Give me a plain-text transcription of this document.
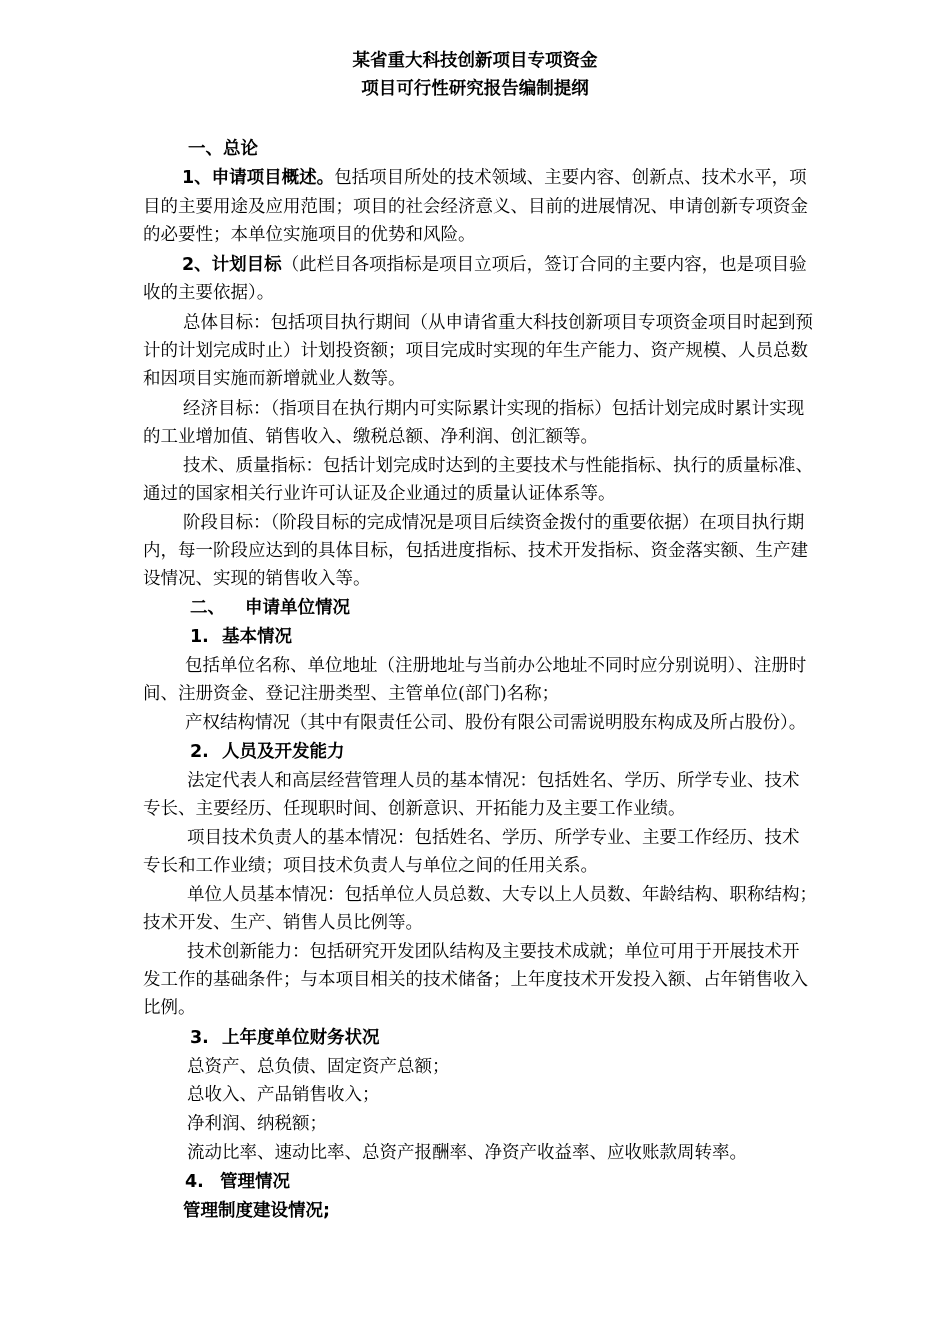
某省重大科技创新项目专项资金
项目可行性研究报告编制提纲
一、总论
1、申请项目概述。包括项目所处的技术领域、主要内容、创新点、技术水平，项
目的主要用途及应用范围；项目的社会经济意义、目前的进展情况、申请创新专项资金
的必要性；本单位实施项目的优势和风险。
2、计划目标（此栏目各项指标是项目立项后，签订合同的主要内容，也是项目验
收的主要依据）。
总体目标：包括项目执行期间（从申请省重大科技创新项目专项资金项目时起到预
计的计划完成时止）计划投资额；项目完成时实现的年生产能力、资产规模、人员总数
和因项目实施而新增就业人数等。
经济目标：（指项目在执行期内可实际累计实现的指标）包括计划完成时累计实现
的工业增加值、销售收入、缴税总额、净利润、创汇额等。
技术、质量指标：包括计划完成时达到的主要技术与性能指标、执行的质量标准、
通过的国家相关行业许可认证及企业通过的质量认证体系等。
阶段目标：（阶段目标的完成情况是项目后续资金拨付的重要依据）在项目执行期
内，每一阶段应达到的具体目标，包括进度指标、技术开发指标、资金落实额、生产建
设情况、实现的销售收入等。
二、 申请单位情况
1. 基本情况
包括单位名称、单位地址（注册地址与当前办公地址不同时应分别说明）、注册时
间、注册资金、登记注册类型、主管单位(部门)名称；
产权结构情况（其中有限责任公司、股份有限公司需说明股东构成及所占股份）。
2. 人员及开发能力
法定代表人和高层经营管理人员的基本情况：包括姓名、学历、所学专业、技术
专长、主要经历、任现职时间、创新意识、开拓能力及主要工作业绩。
项目技术负责人的基本情况：包括姓名、学历、所学专业、主要工作经历、技术
专长和工作业绩；项目技术负责人与单位之间的任用关系。
单位人员基本情况：包括单位人员总数、大专以上人员数、年龄结构、职称结构；
技术开发、生产、销售人员比例等。
技术创新能力：包括研究开发团队结构及主要技术成就；单位可用于开展技术开
发工作的基础条件；与本项目相关的技术储备；上年度技术开发投入额、占年销售收入
比例。
3. 上年度单位财务状况
总资产、总负债、固定资产总额；
总收入、产品销售收入；
净利润、纳税额；
流动比率、速动比率、总资产报酬率、净资产收益率、应收账款周转率。
4. 管理情况
管理制度建设情况;
